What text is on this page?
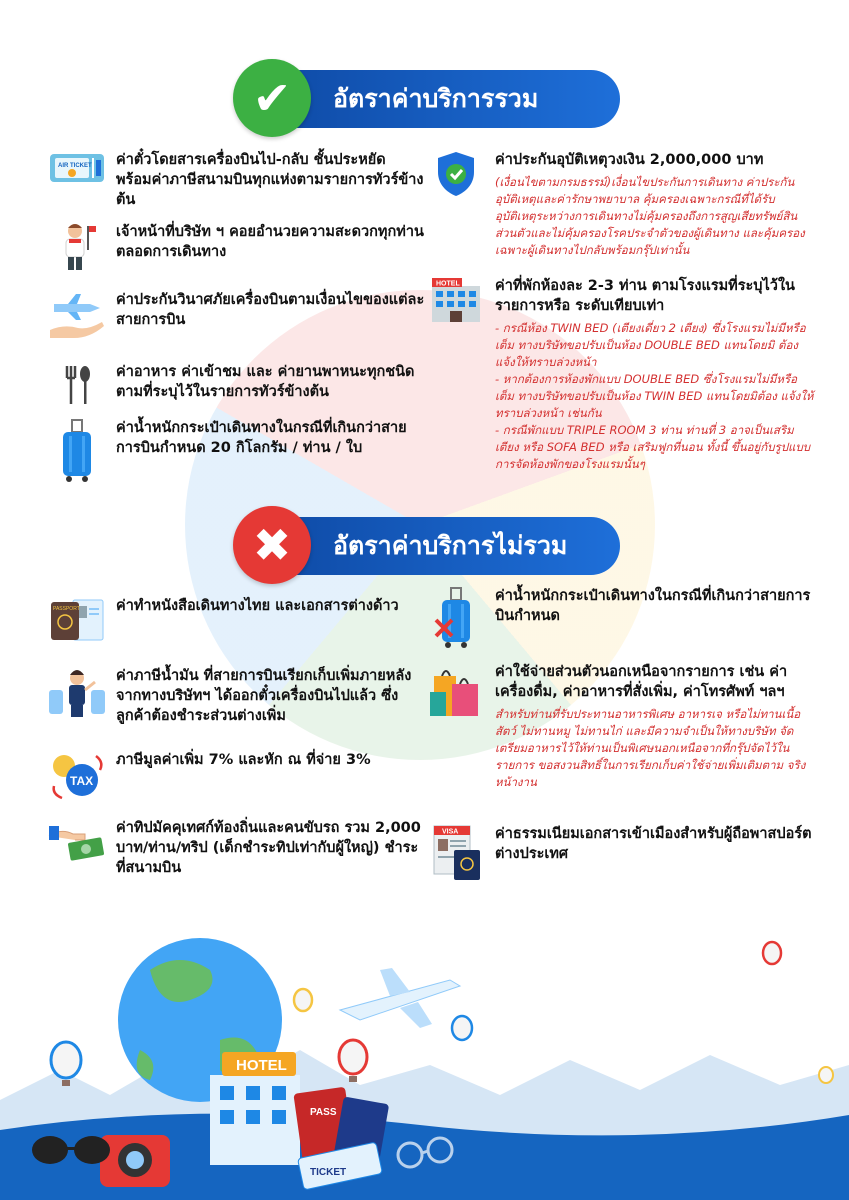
อัตราค่าบริการรวม
✔
AIR TICKET ค่าตั๋วโดยสารเครื่องบินไป-กลับ ชั้นประหยัด พร้อมค่าภาษีสนามบินทุกแห่งตามรายการทัวร์ข้างต้น
เจ้าหน้าที่บริษัท ฯ คอยอำนวยความสะดวกทุกท่านตลอดการเดินทาง
ค่าประกันวินาศภัยเครื่องบินตามเงื่อนไขของแต่ละสายการบิน
ค่าอาหาร ค่าเข้าชม และ ค่ายานพาหนะทุกชนิด ตามที่ระบุไว้ในรายการทัวร์ข้างต้น
ค่าน้ำหนักกระเป๋าเดินทางในกรณีที่เกินกว่าสายการบินกำหนด 20 กิโลกรัม / ท่าน / ใบ
ค่าประกันอุบัติเหตุวงเงิน 2,000,000 บาท
(เงื่อนไขตามกรมธรรม์)เงื่อนไขประกันการเดินทาง ค่าประกันอุบัติเหตุและค่ารักษาพยาบาล คุ้มครองเฉพาะกรณีที่ได้รับอุบัติเหตุระหว่างการเดินทางไม่คุ้มครองถึงการสูญเสียทรัพย์สินส่วนตัวและไม่คุ้มครองโรคประจำตัวของผู้เดินทาง และคุ้มครองเฉพาะผู้เดินทางไปกลับพร้อมกรุ๊ปเท่านั้น
HOTEL ค่าที่พักห้องละ 2-3 ท่าน ตามโรงแรมที่ระบุไว้ในรายการหรือ ระดับเทียบเท่า
- กรณีห้อง TWIN BED (เตียงเดี่ยว 2 เตียง) ซึ่งโรงแรมไม่มีหรือเต็ม ทางบริษัทขอปรับเป็นห้อง DOUBLE BED แทนโดยมิ ต้องแจ้งให้ทราบล่วงหน้า
- หากต้องการห้องพักแบบ DOUBLE BED ซึ่งโรงแรมไม่มีหรือเต็ม ทางบริษัทขอปรับเป็นห้อง TWIN BED แทนโดยมิต้อง แจ้งให้ทราบล่วงหน้า เช่นกัน
- กรณีพักแบบ TRIPLE ROOM 3 ท่าน ท่านที่ 3 อาจเป็นเสริมเตียง หรือ SOFA BED หรือ เสริมฟูกที่นอน ทั้งนี้ ขึ้นอยู่กับรูปแบบการจัดห้องพักของโรงแรมนั้นๆ
อัตราค่าบริการไม่รวม
✖
PASSPORT ค่าทำหนังสือเดินทางไทย และเอกสารต่างด้าว
ค่าภาษีน้ำมัน ที่สายการบินเรียกเก็บเพิ่มภายหลังจากทางบริษัทฯ ได้ออกตั๋วเครื่องบินไปแล้ว ซึ่งลูกค้าต้องชำระส่วนต่างเพิ่ม
TAX
ภาษีมูลค่าเพิ่ม 7% และหัก ณ ที่จ่าย 3%
ค่าทิปมัคคุเทศก์ท้องถิ่นและคนขับรถ รวม 2,000 บาท/ท่าน/ทริป (เด็กชำระทิปเท่ากับผู้ใหญ่) ชำระที่สนามบิน
ค่าน้ำหนักกระเป๋าเดินทางในกรณีที่เกินกว่าสายการบินกำหนด
ค่าใช้จ่ายส่วนตัวนอกเหนือจากรายการ เช่น ค่าเครื่องดื่ม, ค่าอาหารที่สั่งเพิ่ม, ค่าโทรศัพท์ ฯลฯ
สำหรับท่านที่รับประทานอาหารพิเศษ อาหารเจ หรือไม่ทานเนื้อสัตว์ ไม่ทานหมู ไม่ทานไก่ และมีความจำเป็นให้ทางบริษัท จัดเตรียมอาหารไว้ให้ท่านเป็นพิเศษนอกเหนือจากที่กรุ๊ปจัดไว้ในรายการ ขอสงวนสิทธิ์ในการเรียกเก็บค่าใช้จ่ายเพิ่มเติมตาม จริงหน้างาน
VISA	ค่าธรรมเนียมเอกสารเข้าเมืองสำหรับผู้ถือพาสปอร์ตต่างประเทศ
HOTEL
PASS
TICKET
